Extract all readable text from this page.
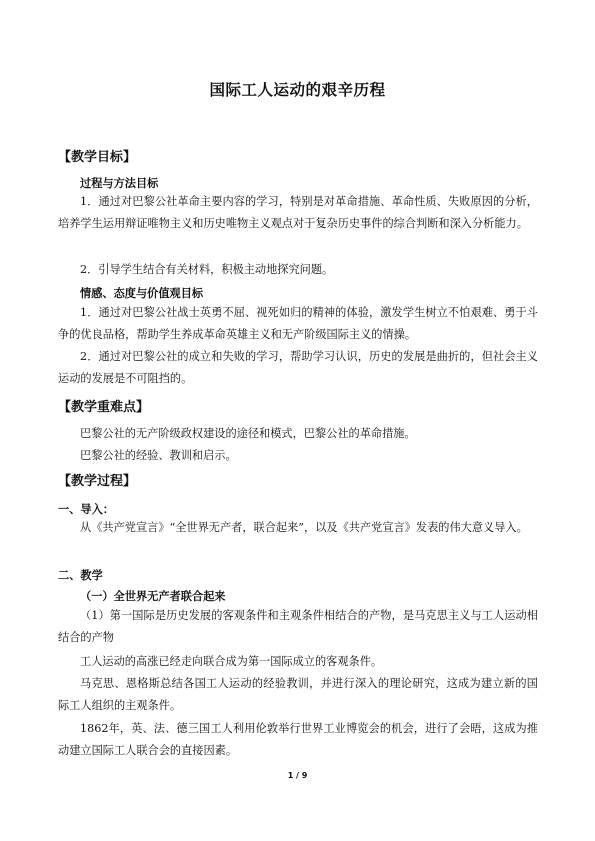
国际工人运动的艰辛历程
【教学目标】
过程与方法目标

1．通过对巴黎公社革命主要内容的学习，特别是对革命措施、革命性质、失败原因的分析，培养学生运用辩证唯物主义和历史唯物主义观点对于复杂历史事件的综合判断和深入分析能力。

2．引导学生结合有关材料，积极主动地探究问题。

情感、态度与价值观目标

1．通过对巴黎公社战士英勇不屈、视死如归的精神的体验，激发学生树立不怕艰难、勇于斗争的优良品格，帮助学生养成革命英雄主义和无产阶级国际主义的情操。

2．通过对巴黎公社的成立和失败的学习，帮助学习认识，历史的发展是曲折的，但社会主义运动的发展是不可阻挡的。

【教学重难点】

巴黎公社的无产阶级政权建设的途径和模式，巴黎公社的革命措施。

巴黎公社的经验、教训和启示。

【教学过程】
一、导入：

从《共产党宣言》“全世界无产者，联合起来”，以及《共产党宣言》发表的伟大意义导入。

二、教学
（一）全世界无产者联合起来

（1）第一国际是历史发展的客观条件和主观条件相结合的产物，是马克思主义与工人运动相结合的产物

工人运动的高涨已经走向联合成为第一国际成立的客观条件。

马克思、恩格斯总结各国工人运动的经验教训，并进行深入的理论研究，这成为建立新的国际工人组织的主观条件。

1862年，英、法、德三国工人利用伦敦举行世界工业博览会的机会，进行了会晤，这成为推动建立国际工人联合会的直接因素。

1 / 9
